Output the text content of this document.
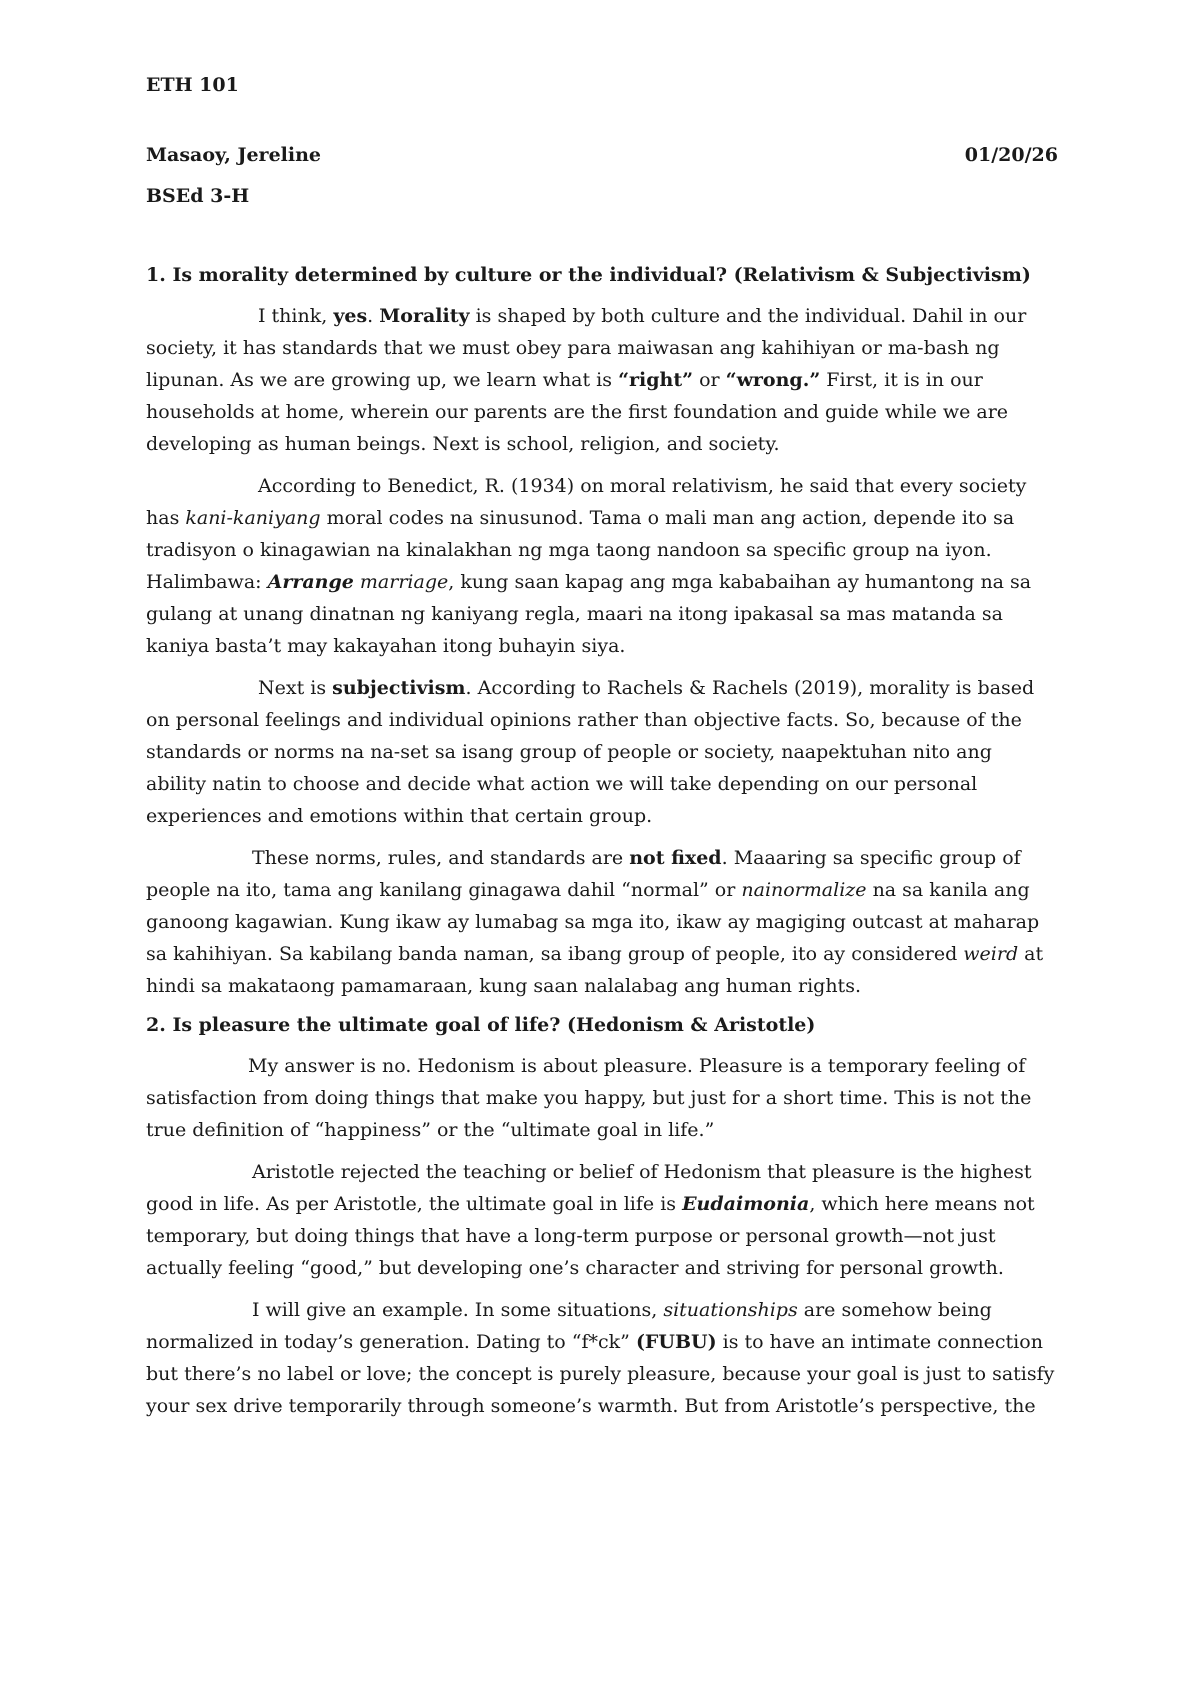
ETH 101

Masaoy, Jereline	01/20/26

BSEd 3-H

1. Is morality determined by culture or the individual? (Relativism & Subjectivism)

I think, yes. Morality is shaped by both culture and the individual. Dahil in our society, it has standards that we must obey para maiwasan ang kahihiyan or ma-bash ng lipunan. As we are growing up, we learn what is “right” or “wrong.” First, it is in our households at home, wherein our parents are the first foundation and guide while we are developing as human beings. Next is school, religion, and society.

According to Benedict, R. (1934) on moral relativism, he said that every society has kani-kaniyang moral codes na sinusunod. Tama o mali man ang action, depende ito sa tradisyon o kinagawian na kinalakhan ng mga taong nandoon sa specific group na iyon. Halimbawa: Arrange marriage, kung saan kapag ang mga kababaihan ay humantong na sa gulang at unang dinatnan ng kaniyang regla, maari na itong ipakasal sa mas matanda sa kaniya basta’t may kakayahan itong buhayin siya.

Next is subjectivism. According to Rachels & Rachels (2019), morality is based on personal feelings and individual opinions rather than objective facts. So, because of the standards or norms na na-set sa isang group of people or society, naapektuhan nito ang ability natin to choose and decide what action we will take depending on our personal experiences and emotions within that certain group.

These norms, rules, and standards are not fixed. Maaaring sa specific group of people na ito, tama ang kanilang ginagawa dahil “normal” or nainormalize na sa kanila ang ganoong kagawian. Kung ikaw ay lumabag sa mga ito, ikaw ay magiging outcast at maharap sa kahihiyan. Sa kabilang banda naman, sa ibang group of people, ito ay considered weird at hindi sa makataong pamamaraan, kung saan nalalabag ang human rights.

2. Is pleasure the ultimate goal of life? (Hedonism & Aristotle)

My answer is no. Hedonism is about pleasure. Pleasure is a temporary feeling of satisfaction from doing things that make you happy, but just for a short time. This is not the true definition of “happiness” or the “ultimate goal in life.”

Aristotle rejected the teaching or belief of Hedonism that pleasure is the highest good in life. As per Aristotle, the ultimate goal in life is Eudaimonia, which here means not temporary, but doing things that have a long-term purpose or personal growth—not just actually feeling “good,” but developing one’s character and striving for personal growth.

I will give an example. In some situations, situationships are somehow being normalized in today’s generation. Dating to “f*ck” (FUBU) is to have an intimate connection but there’s no label or love; the concept is purely pleasure, because your goal is just to satisfy your sex drive temporarily through someone’s warmth. But from Aristotle’s perspective, the
